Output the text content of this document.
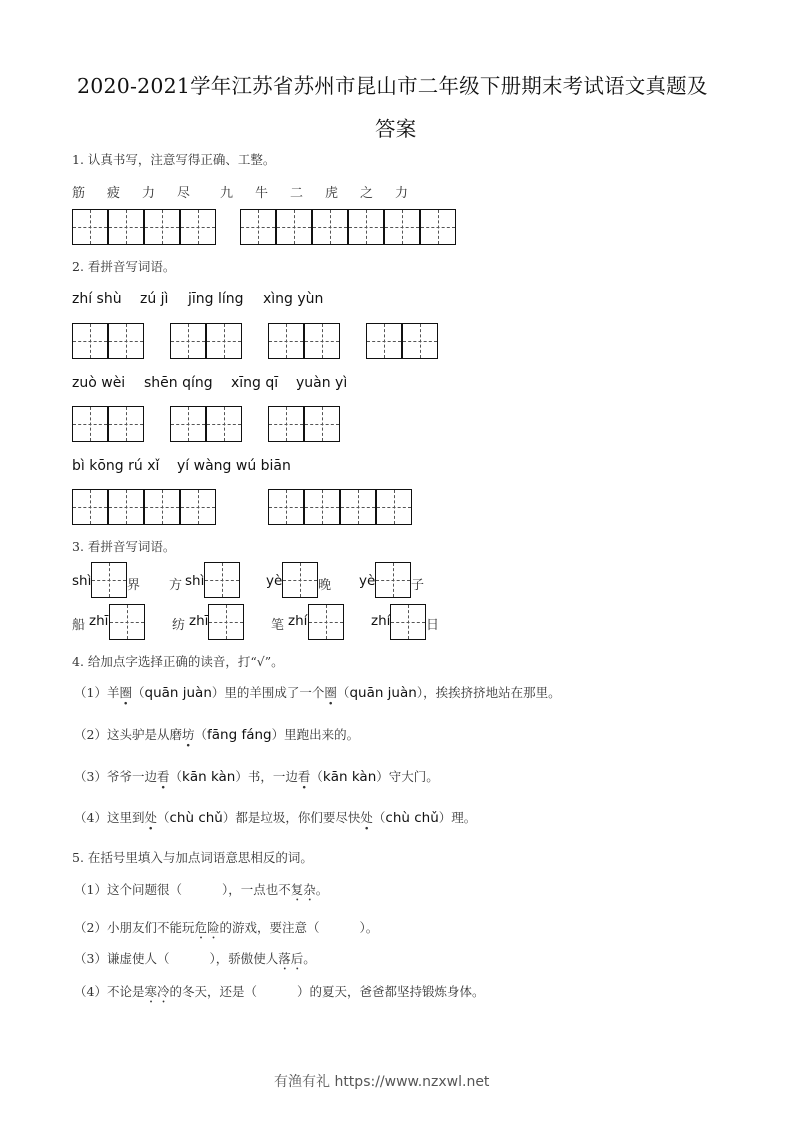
2020-2021学年江苏省苏州市昆山市二年级下册期末考试语文真题及
答案
1. 认真书写，注意写得正确、工整。
筋 疲 力 尽 九 牛 二 虎 之 力
2. 看拼音写词语。
zhí shù zú jì jīng líng xìng yùn
zuò wèi shēn qíng xīng qī yuàn yì
bì kōng rú xǐ yí wàng wú biān
3. 看拼音写词语。
shì	界 方 shì	yè	晚 yè	子
船 zhī	纺 zhī	笔 zhí	zhí	日
4. 给加点字选择正确的读音，打“√”。
（1）羊圈（quān juàn）里的羊围成了一个圈（quān juàn），挨挨挤挤地站在那里。
（2）这头驴是从磨坊（fāng fáng）里跑出来的。
（3）爷爷一边看（kān kàn）书，一边看（kān kàn）守大门。
（4）这里到处（chù chǔ）都是垃圾，你们要尽快处（chù chǔ）理。
5. 在括号里填入与加点词语意思相反的词。
（1）这个问题很（	），一点也不复杂。
（2）小朋友们不能玩危险的游戏，要注意（	）。
（3）谦虚使人（	），骄傲使人落后。
（4）不论是寒冷的冬天，还是（	）的夏天，爸爸都坚持锻炼身体。
有渔有礼 https://www.nzxwl.net
